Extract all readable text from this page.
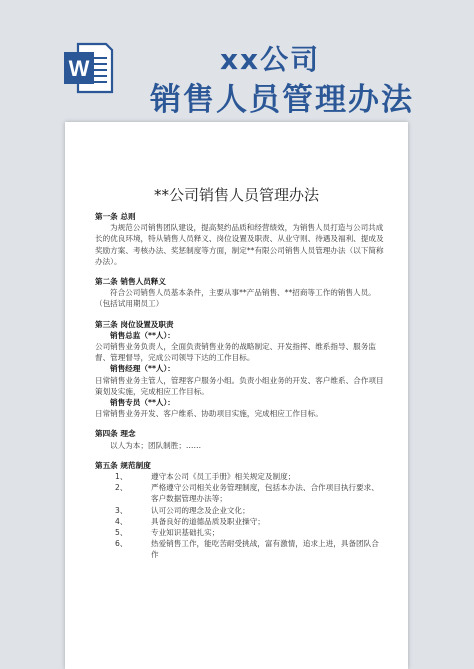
W	xx公司
销售人员管理办法
**公司销售人员管理办法
第一条 总则
为规范公司销售团队建设，提高契约品质和经营绩效，为销售人员打造与公司共成长的优良环境，特从销售人员释义、岗位设置及职责、从业守则、待遇及福利、提成及奖励方案、考核办法、奖惩制度等方面，制定**有限公司销售人员管理办法（以下简称办法）。
第二条 销售人员释义
符合公司销售人员基本条件，主要从事**产品销售、**招商等工作的销售人员。（包括试用期员工）
第三条 岗位设置及职责
销售总监（**人）：
公司销售业务负责人，全面负责销售业务的战略制定、开发指挥、维系指导、服务监督、管理督导，完成公司领导下达的工作目标。
销售经理（**人）：
日常销售业务主管人，管理客户服务小组。负责小组业务的开发、客户维系、合作项目策划及实施，完成相应工作目标。
销售专员（**人）：
日常销售业务开发、客户维系、协助项目实施，完成相应工作目标。
第四条 理念
以人为本；团队制胜；……
第五条 规范制度
1、	遵守本公司《员工手册》相关规定及制度；
2、	严格遵守公司相关业务管理制度，包括本办法、合作项目执行要求、
客户数据管理办法等；
3、	认可公司的理念及企业文化；
4、	具备良好的道德品质及职业操守；
5、	专业知识基础扎实；
6、	热爱销售工作，能吃苦耐受挑战，富有激情，追求上进，具备团队合作
